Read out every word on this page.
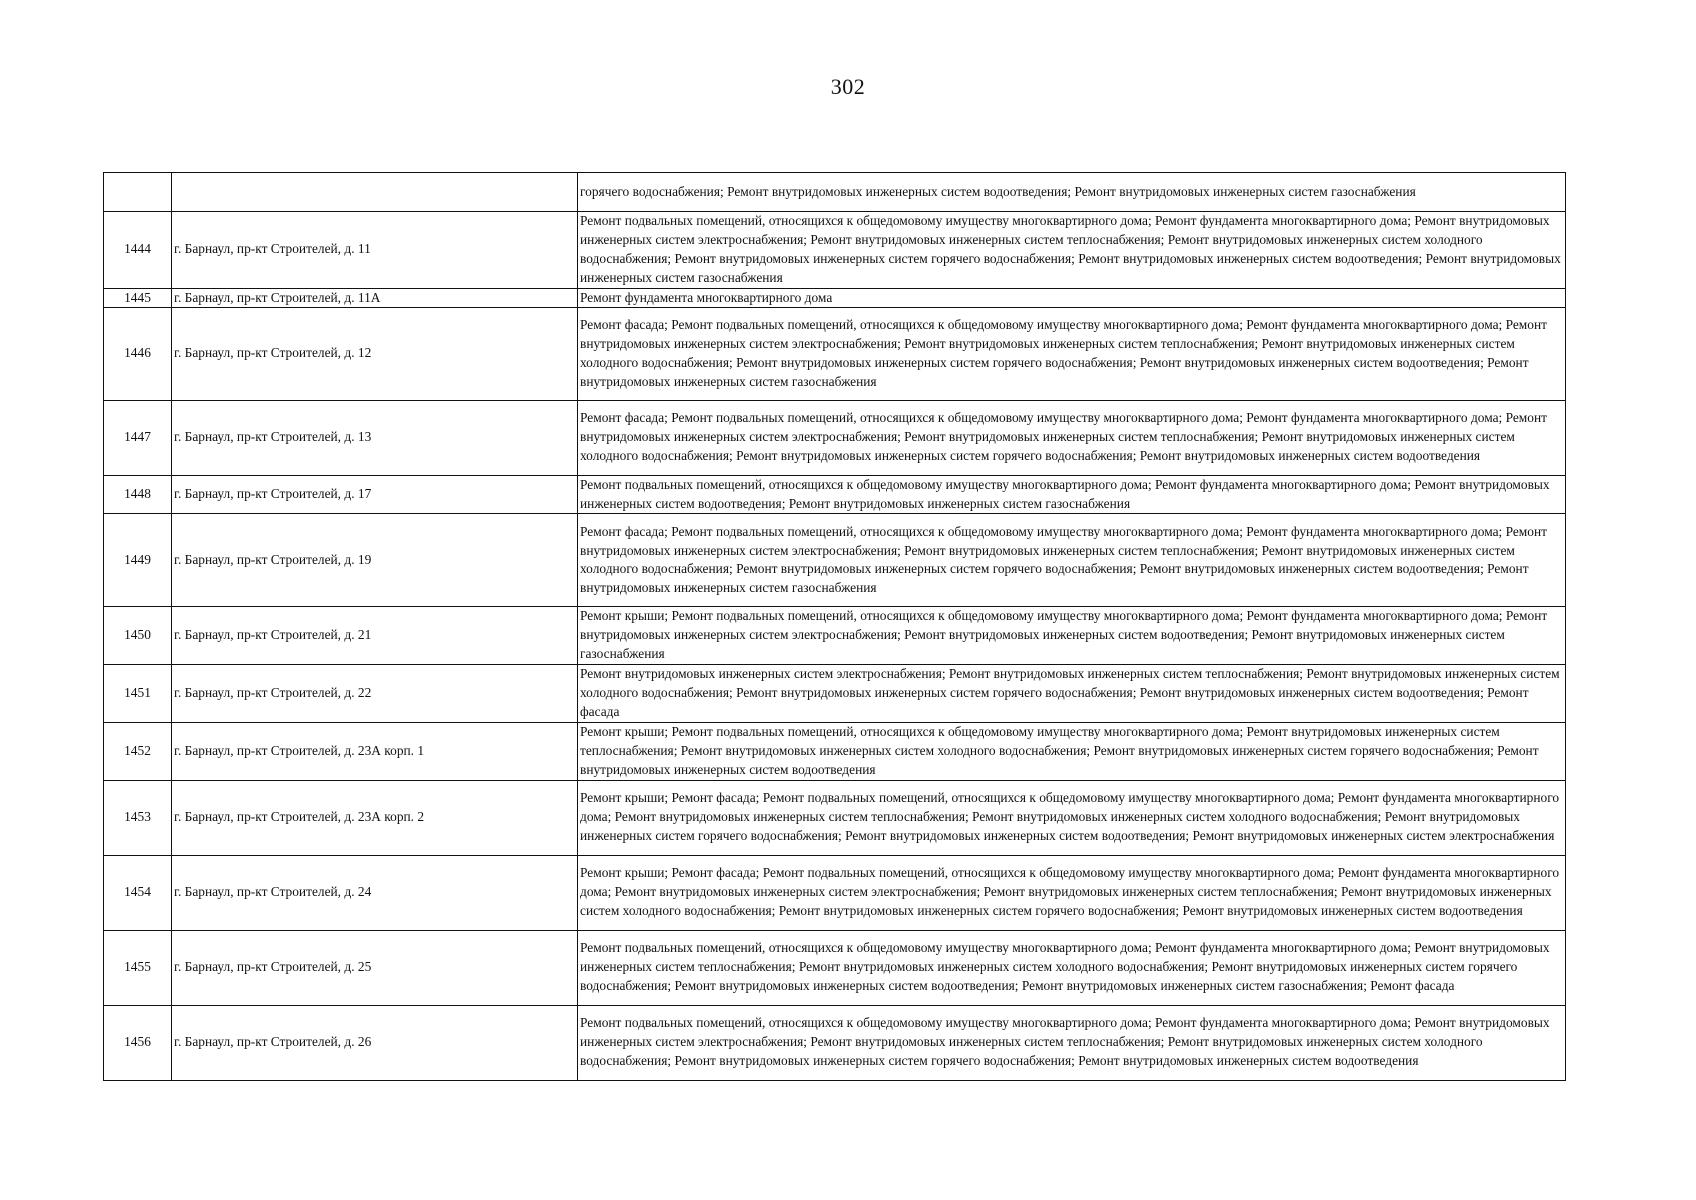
302
		горячего водоснабжения; Ремонт внутридомовых инженерных систем водоотведения; Ремонт внутридомовых инженерных систем газоснабжения
1444	г. Барнаул, пр-кт Строителей, д. 11	Ремонт подвальных помещений, относящихся к общедомовому имуществу многоквартирного дома; Ремонт фундамента многоквартирного дома; Ремонт внутридомовых инженерных систем электроснабжения; Ремонт внутридомовых инженерных систем теплоснабжения; Ремонт внутридомовых инженерных систем холодного водоснабжения; Ремонт внутридомовых инженерных систем горячего водоснабжения; Ремонт внутридомовых инженерных систем водоотведения; Ремонт внутридомовых инженерных систем газоснабжения
1445	г. Барнаул, пр-кт Строителей, д. 11А	Ремонт фундамента многоквартирного дома
1446	г. Барнаул, пр-кт Строителей, д. 12	Ремонт фасада; Ремонт подвальных помещений, относящихся к общедомовому имуществу многоквартирного дома; Ремонт фундамента многоквартирного дома; Ремонт внутридомовых инженерных систем электроснабжения; Ремонт внутридомовых инженерных систем теплоснабжения; Ремонт внутридомовых инженерных систем холодного водоснабжения; Ремонт внутридомовых инженерных систем горячего водоснабжения; Ремонт внутридомовых инженерных систем водоотведения; Ремонт внутридомовых инженерных систем газоснабжения
1447	г. Барнаул, пр-кт Строителей, д. 13	Ремонт фасада; Ремонт подвальных помещений, относящихся к общедомовому имуществу многоквартирного дома; Ремонт фундамента многоквартирного дома; Ремонт внутридомовых инженерных систем электроснабжения; Ремонт внутридомовых инженерных систем теплоснабжения; Ремонт внутридомовых инженерных систем холодного водоснабжения; Ремонт внутридомовых инженерных систем горячего водоснабжения; Ремонт внутридомовых инженерных систем водоотведения
1448	г. Барнаул, пр-кт Строителей, д. 17	Ремонт подвальных помещений, относящихся к общедомовому имуществу многоквартирного дома; Ремонт фундамента многоквартирного дома; Ремонт внутридомовых инженерных систем водоотведения; Ремонт внутридомовых инженерных систем газоснабжения
1449	г. Барнаул, пр-кт Строителей, д. 19	Ремонт фасада; Ремонт подвальных помещений, относящихся к общедомовому имуществу многоквартирного дома; Ремонт фундамента многоквартирного дома; Ремонт внутридомовых инженерных систем электроснабжения; Ремонт внутридомовых инженерных систем теплоснабжения; Ремонт внутридомовых инженерных систем холодного водоснабжения; Ремонт внутридомовых инженерных систем горячего водоснабжения; Ремонт внутридомовых инженерных систем водоотведения; Ремонт внутридомовых инженерных систем газоснабжения
1450	г. Барнаул, пр-кт Строителей, д. 21	Ремонт крыши; Ремонт подвальных помещений, относящихся к общедомовому имуществу многоквартирного дома; Ремонт фундамента многоквартирного дома; Ремонт внутридомовых инженерных систем электроснабжения; Ремонт внутридомовых инженерных систем водоотведения; Ремонт внутридомовых инженерных систем газоснабжения
1451	г. Барнаул, пр-кт Строителей, д. 22	Ремонт внутридомовых инженерных систем электроснабжения; Ремонт внутридомовых инженерных систем теплоснабжения; Ремонт внутридомовых инженерных систем холодного водоснабжения; Ремонт внутридомовых инженерных систем горячего водоснабжения; Ремонт внутридомовых инженерных систем водоотведения; Ремонт фасада
1452	г. Барнаул, пр-кт Строителей, д. 23А корп. 1	Ремонт крыши; Ремонт подвальных помещений, относящихся к общедомовому имуществу многоквартирного дома; Ремонт внутридомовых инженерных систем теплоснабжения; Ремонт внутридомовых инженерных систем холодного водоснабжения; Ремонт внутридомовых инженерных систем горячего водоснабжения; Ремонт внутридомовых инженерных систем водоотведения
1453	г. Барнаул, пр-кт Строителей, д. 23А корп. 2	Ремонт крыши; Ремонт фасада; Ремонт подвальных помещений, относящихся к общедомовому имуществу многоквартирного дома; Ремонт фундамента многоквартирного дома; Ремонт внутридомовых инженерных систем теплоснабжения; Ремонт внутридомовых инженерных систем холодного водоснабжения; Ремонт внутридомовых инженерных систем горячего водоснабжения; Ремонт внутридомовых инженерных систем водоотведения; Ремонт внутридомовых инженерных систем электроснабжения
1454	г. Барнаул, пр-кт Строителей, д. 24	Ремонт крыши; Ремонт фасада; Ремонт подвальных помещений, относящихся к общедомовому имуществу многоквартирного дома; Ремонт фундамента многоквартирного дома; Ремонт внутридомовых инженерных систем электроснабжения; Ремонт внутридомовых инженерных систем теплоснабжения; Ремонт внутридомовых инженерных систем холодного водоснабжения; Ремонт внутридомовых инженерных систем горячего водоснабжения; Ремонт внутридомовых инженерных систем водоотведения
1455	г. Барнаул, пр-кт Строителей, д. 25	Ремонт подвальных помещений, относящихся к общедомовому имуществу многоквартирного дома; Ремонт фундамента многоквартирного дома; Ремонт внутридомовых инженерных систем теплоснабжения; Ремонт внутридомовых инженерных систем холодного водоснабжения; Ремонт внутридомовых инженерных систем горячего водоснабжения; Ремонт внутридомовых инженерных систем водоотведения; Ремонт внутридомовых инженерных систем газоснабжения; Ремонт фасада
1456	г. Барнаул, пр-кт Строителей, д. 26	Ремонт подвальных помещений, относящихся к общедомовому имуществу многоквартирного дома; Ремонт фундамента многоквартирного дома; Ремонт внутридомовых инженерных систем электроснабжения; Ремонт внутридомовых инженерных систем теплоснабжения; Ремонт внутридомовых инженерных систем холодного водоснабжения; Ремонт внутридомовых инженерных систем горячего водоснабжения; Ремонт внутридомовых инженерных систем водоотведения
